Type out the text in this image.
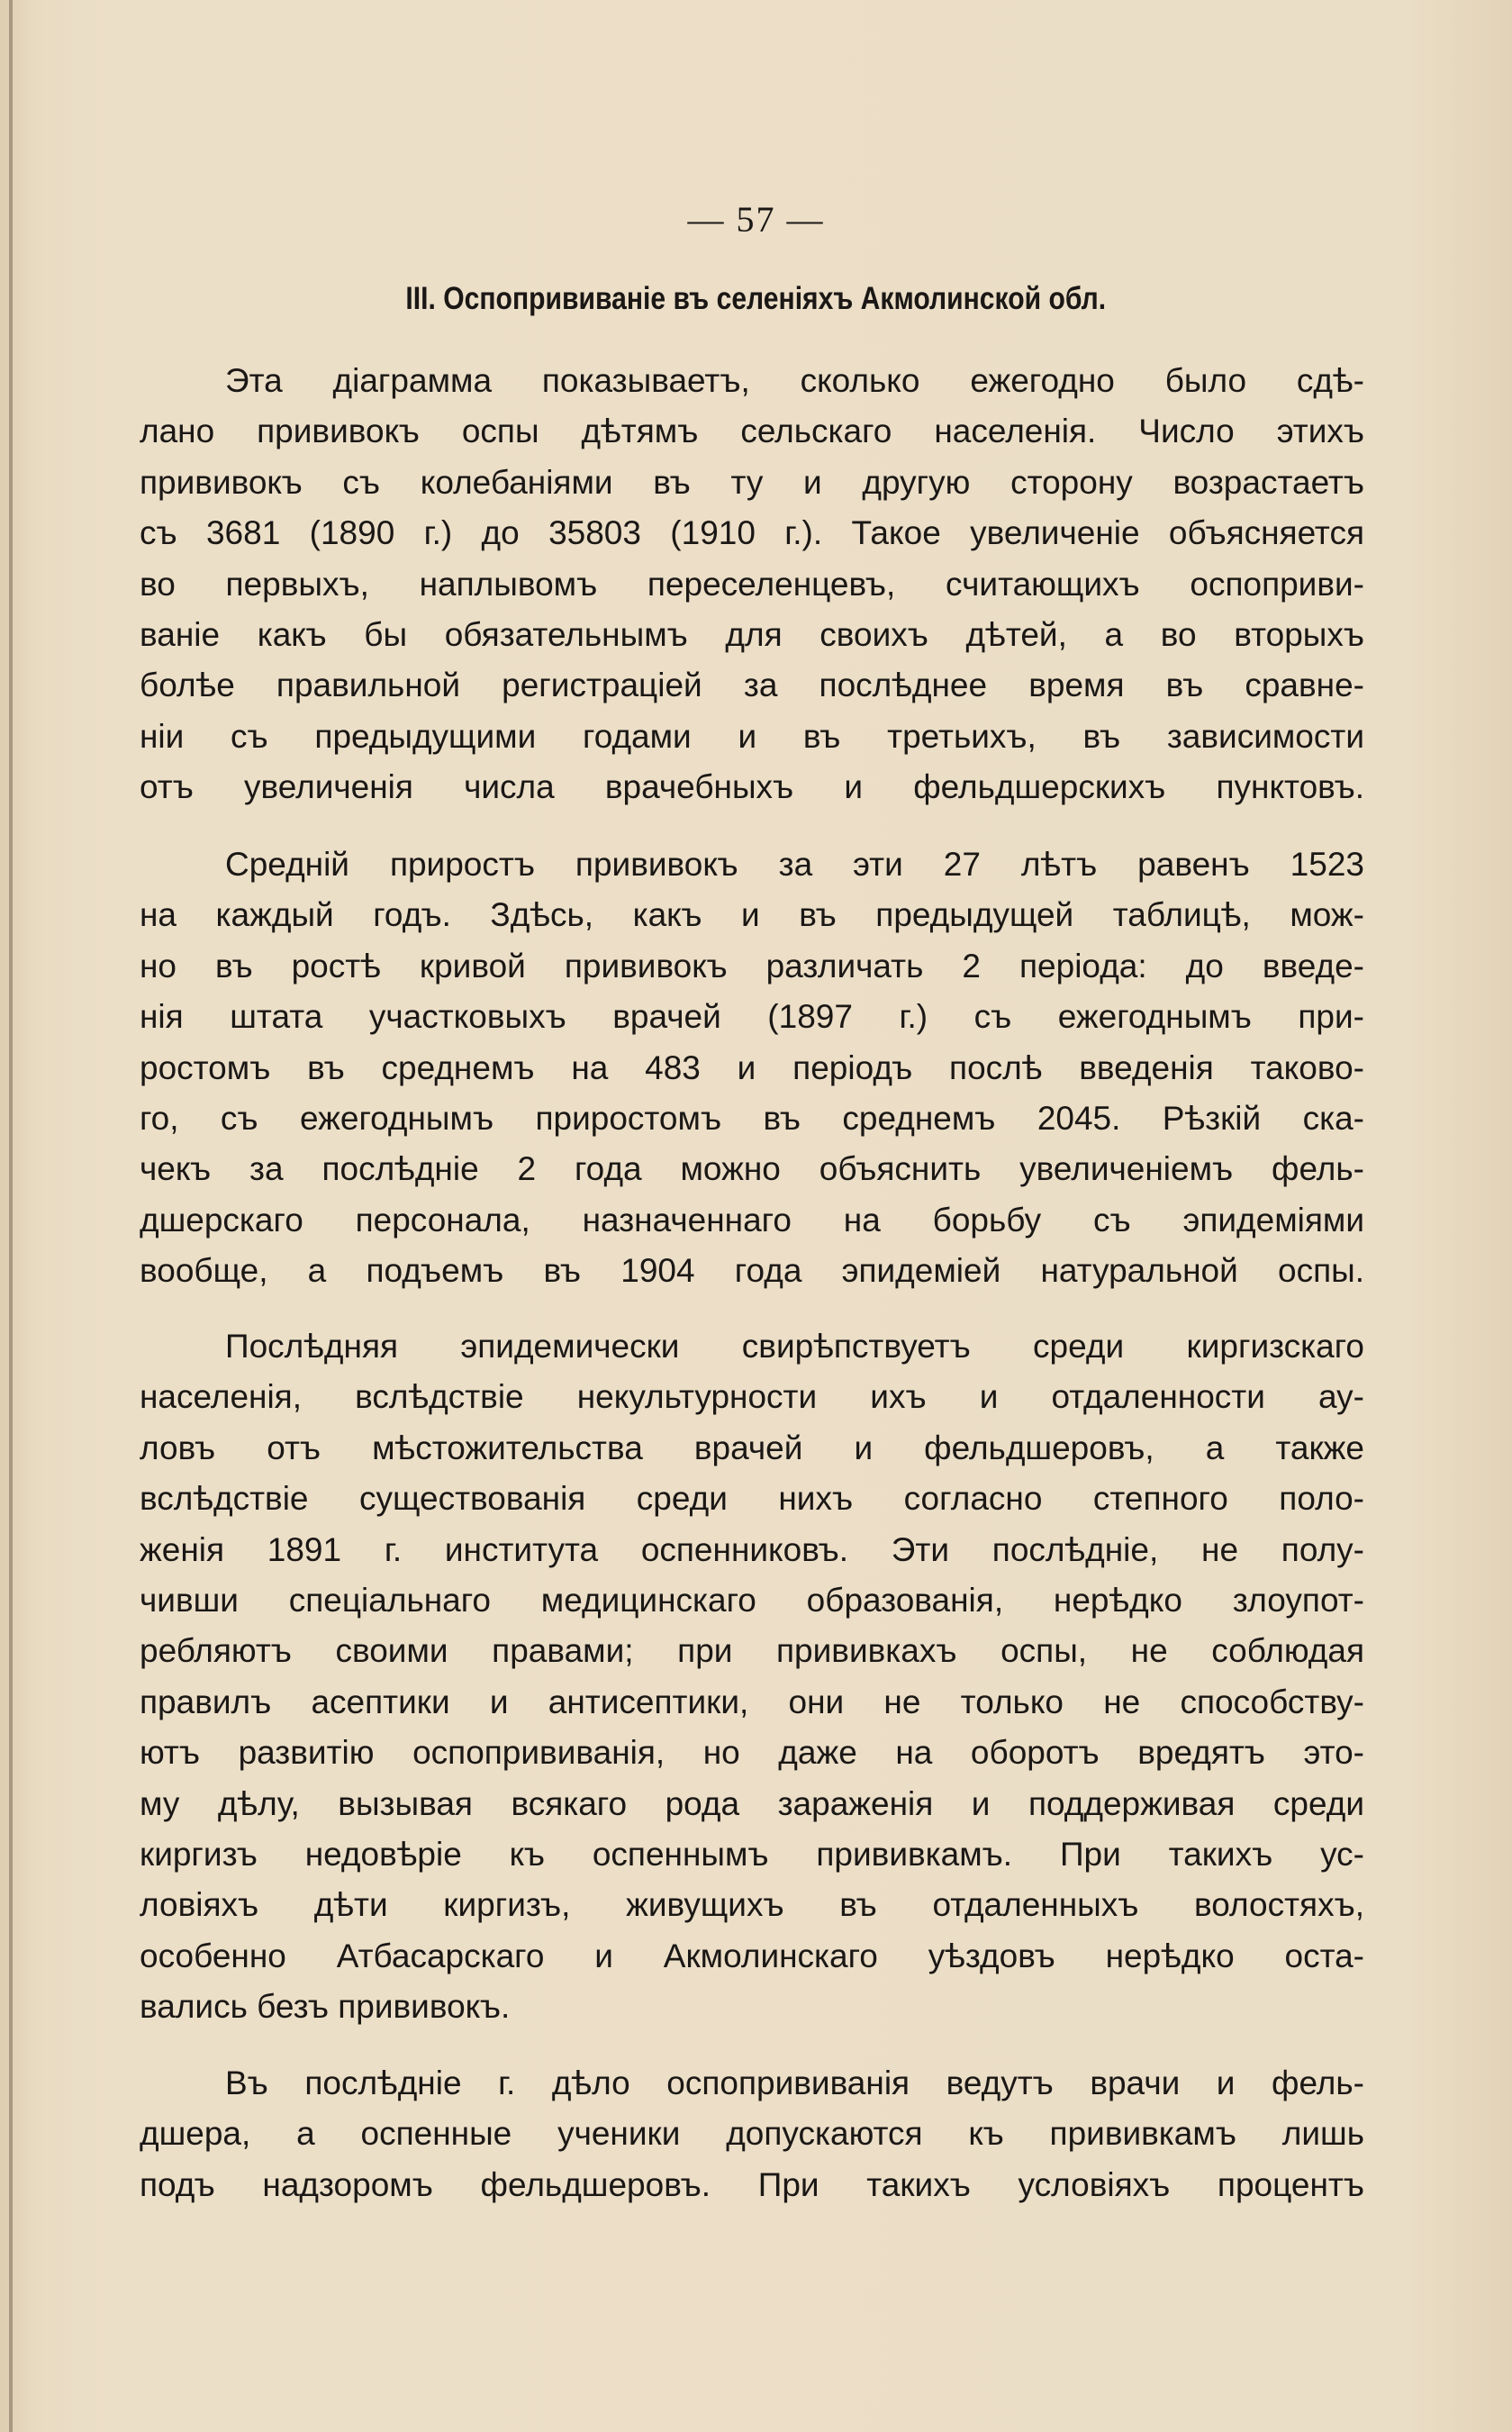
— 57 —
III. Оспопрививаніе въ селеніяхъ Акмолинской обл.
Эта діаграмма показываетъ, сколько ежегодно было сдѣ-
лано прививокъ оспы дѣтямъ сельскаго населенія. Число этихъ
прививокъ съ колебаніями въ ту и другую сторону возрастаетъ
съ 3681 (1890 г.) до 35803 (1910 г.). Такое увеличеніе объясняется
во первыхъ, наплывомъ переселенцевъ, считающихъ оспоприви-
ваніе какъ бы обязательнымъ для своихъ дѣтей, а во вторыхъ
болѣе правильной регистраціей за послѣднее время въ сравне-
ніи съ предыдущими годами и въ третьихъ, въ зависимости
отъ увеличенія числа врачебныхъ и фельдшерскихъ пунктовъ.
Среднiй приростъ прививокъ за эти 27 лѣтъ равенъ 1523
на каждый годъ. Здѣсь, какъ и въ предыдущей таблицѣ, мож-
но въ ростѣ кривой прививокъ различать 2 періода: до введе-
нія штата участковыхъ врачей (1897 г.) съ ежегоднымъ при-
ростомъ въ среднемъ на 483 и періодъ послѣ введенія таково-
го, съ ежегоднымъ приростомъ въ среднемъ 2045. Рѣзкій ска-
чекъ за послѣдніе 2 года можно объяснить увеличеніемъ фель-
дшерскаго персонала, назначеннаго на борьбу съ эпидеміями
вообще, а подъемъ въ 1904 года эпидеміей натуральной оспы.
Послѣдняя эпидемически свирѣпствуетъ среди киргизскаго
населенія, вслѣдствіе некультурности ихъ и отдаленности ау-
ловъ отъ мѣстожительства врачей и фельдшеровъ, а также
вслѣдствіе существованія среди нихъ согласно степного поло-
женія 1891 г. института оспенниковъ. Эти послѣдніе, не полу-
чивши спеціальнаго медицинскаго образованія, нерѣдко злоупот-
ребляютъ своими правами; при прививкахъ оспы, не соблюдая
правилъ асептики и антисептики, они не только не способству-
ютъ развитію оспопрививанія, но даже на оборотъ вредятъ это-
му дѣлу, вызывая всякаго рода зараженія и поддерживая среди
киргизъ недовѣріе къ оспеннымъ прививкамъ. При такихъ ус-
ловіяхъ дѣти киргизъ, живущихъ въ отдаленныхъ волостяхъ,
особенно Атбасарскаго и Акмолинскаго уѣздовъ нерѣдко оста-
вались безъ прививокъ.
Въ послѣдніе г. дѣло оспопрививанія ведутъ врачи и фель-
дшера, а оспенные ученики допускаются къ прививкамъ лишь
подъ надзоромъ фельдшеровъ. При такихъ условіяхъ процентъ
